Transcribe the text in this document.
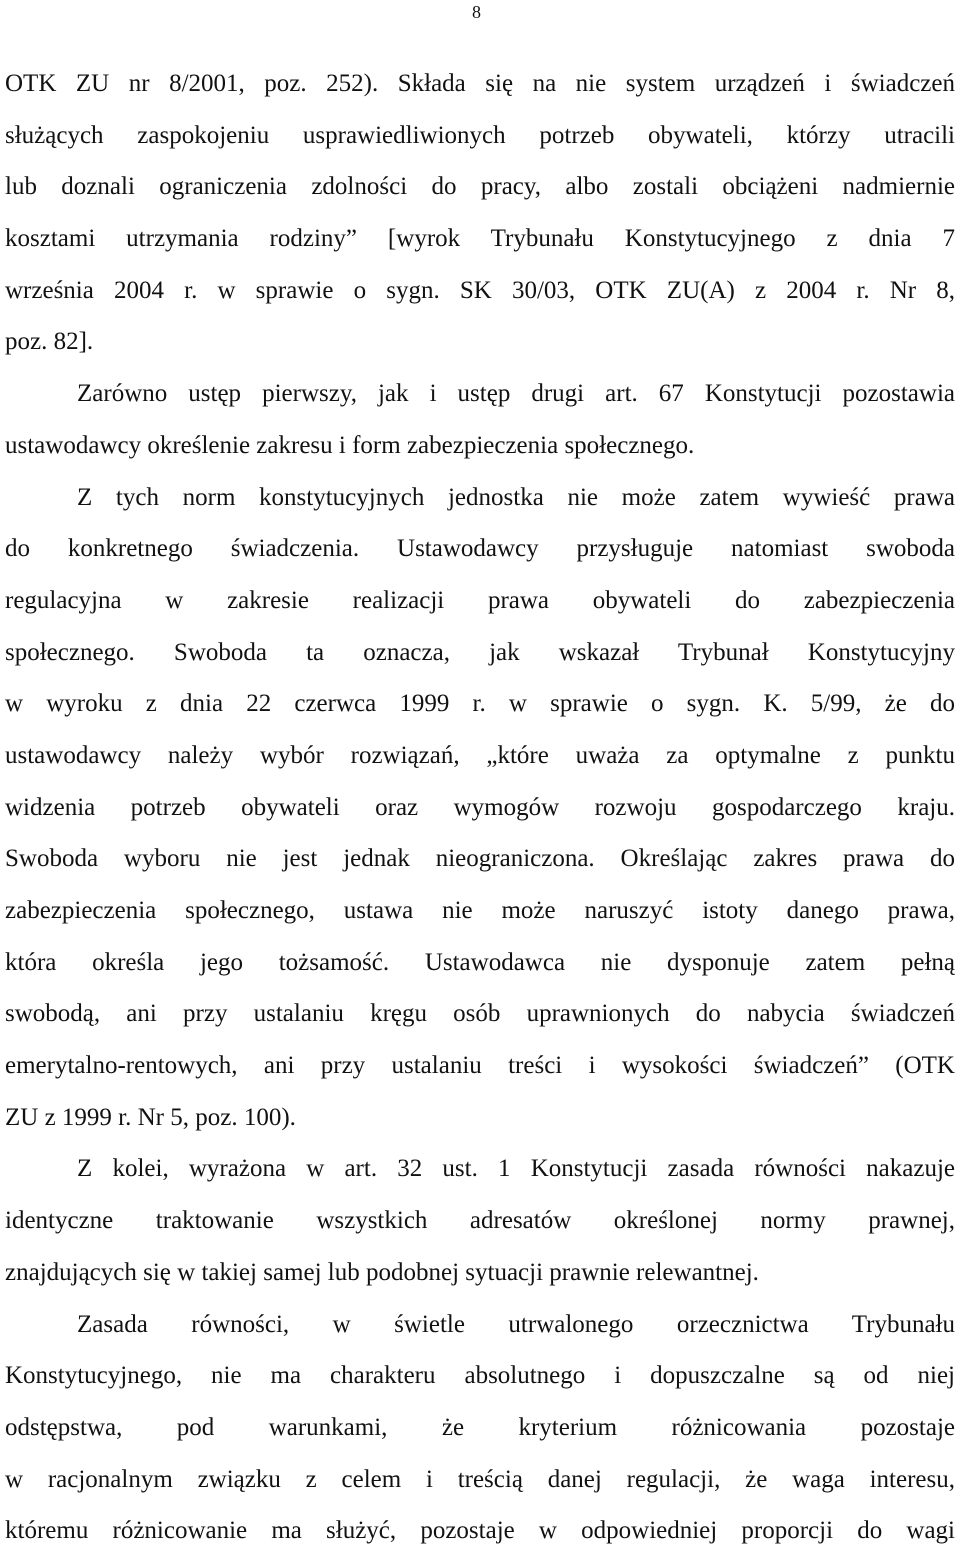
8
OTK ZU nr 8/2001, poz. 252). Składa się na nie system urządzeń i świadczeń
służących zaspokojeniu usprawiedliwionych potrzeb obywateli, którzy utracili
lub doznali ograniczenia zdolności do pracy, albo zostali obciążeni nadmiernie
kosztami utrzymania rodziny” [wyrok Trybunału Konstytucyjnego z dnia 7
września 2004 r. w sprawie o sygn. SK 30/03, OTK ZU(A) z 2004 r. Nr 8,
poz. 82].
Zarówno ustęp pierwszy, jak i ustęp drugi art. 67 Konstytucji pozostawia
ustawodawcy określenie zakresu i form zabezpieczenia społecznego.
Z tych norm konstytucyjnych jednostka nie może zatem wywieść prawa
do konkretnego świadczenia. Ustawodawcy przysługuje natomiast swoboda
regulacyjna w zakresie realizacji prawa obywateli do zabezpieczenia
społecznego. Swoboda ta oznacza, jak wskazał Trybunał Konstytucyjny
w wyroku z dnia 22 czerwca 1999 r. w sprawie o sygn. K. 5/99, że do
ustawodawcy należy wybór rozwiązań, „które uważa za optymalne z punktu
widzenia potrzeb obywateli oraz wymogów rozwoju gospodarczego kraju.
Swoboda wyboru nie jest jednak nieograniczona. Określając zakres prawa do
zabezpieczenia społecznego, ustawa nie może naruszyć istoty danego prawa,
która określa jego tożsamość. Ustawodawca nie dysponuje zatem pełną
swobodą, ani przy ustalaniu kręgu osób uprawnionych do nabycia świadczeń
emerytalno-rentowych, ani przy ustalaniu treści i wysokości świadczeń” (OTK
ZU z 1999 r. Nr 5, poz. 100).
Z kolei, wyrażona w art. 32 ust. 1 Konstytucji zasada równości nakazuje
identyczne traktowanie wszystkich adresatów określonej normy prawnej,
znajdujących się w takiej samej lub podobnej sytuacji prawnie relewantnej.
Zasada równości, w świetle utrwalonego orzecznictwa Trybunału
Konstytucyjnego, nie ma charakteru absolutnego i dopuszczalne są od niej
odstępstwa, pod warunkami, że kryterium różnicowania pozostaje
w racjonalnym związku z celem i treścią danej regulacji, że waga interesu,
któremu różnicowanie ma służyć, pozostaje w odpowiedniej proporcji do wagi
